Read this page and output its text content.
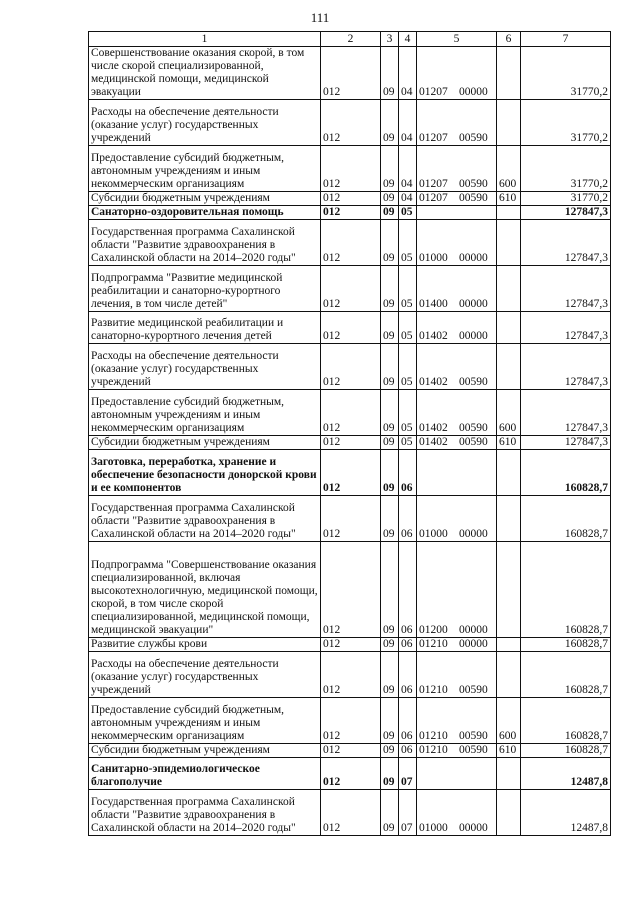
111
1	2	3	4	5	6	7
Совершенствование оказания скорой, в том числе скорой специализированной, медицинской помощи, медицинской эвакуации	012	09	04	01207 00000		31770,2
Расходы на обеспечение деятельности (оказание услуг) государственных учреждений	012	09	04	01207 00590		31770,2
Предоставление субсидий бюджетным, автономным учреждениям и иным некоммерческим организациям	012	09	04	01207 00590	600	31770,2
Субсидии бюджетным учреждениям	012	09	04	01207 00590	610	31770,2
Санаторно-оздоровительная помощь	012	09	05			127847,3
Государственная программа Сахалинской области "Развитие здравоохранения в Сахалинской области на 2014–2020 годы"	012	09	05	01000 00000		127847,3
Подпрограмма "Развитие медицинской реабилитации и санаторно-курортного лечения, в том числе детей"	012	09	05	01400 00000		127847,3
Развитие медицинской реабилитации и санаторно-курортного лечения детей	012	09	05	01402 00000		127847,3
Расходы на обеспечение деятельности (оказание услуг) государственных учреждений	012	09	05	01402 00590		127847,3
Предоставление субсидий бюджетным, автономным учреждениям и иным некоммерческим организациям	012	09	05	01402 00590	600	127847,3
Субсидии бюджетным учреждениям	012	09	05	01402 00590	610	127847,3
Заготовка, переработка, хранение и обеспечение безопасности донорской крови и ее компонентов	012	09	06			160828,7
Государственная программа Сахалинской области "Развитие здравоохранения в Сахалинской области на 2014–2020 годы"	012	09	06	01000 00000		160828,7
Подпрограмма "Совершенствование оказания специализированной, включая высокотехнологичную, медицинской помощи, скорой, в том числе скорой специализированной, медицинской помощи, медицинской эвакуации"	012	09	06	01200 00000		160828,7
Развитие службы крови	012	09	06	01210 00000		160828,7
Расходы на обеспечение деятельности (оказание услуг) государственных учреждений	012	09	06	01210 00590		160828,7
Предоставление субсидий бюджетным, автономным учреждениям и иным некоммерческим организациям	012	09	06	01210 00590	600	160828,7
Субсидии бюджетным учреждениям	012	09	06	01210 00590	610	160828,7
Санитарно-эпидемиологическое благополучие	012	09	07			12487,8
Государственная программа Сахалинской области "Развитие здравоохранения в Сахалинской области на 2014–2020 годы"	012	09	07	01000 00000		12487,8
